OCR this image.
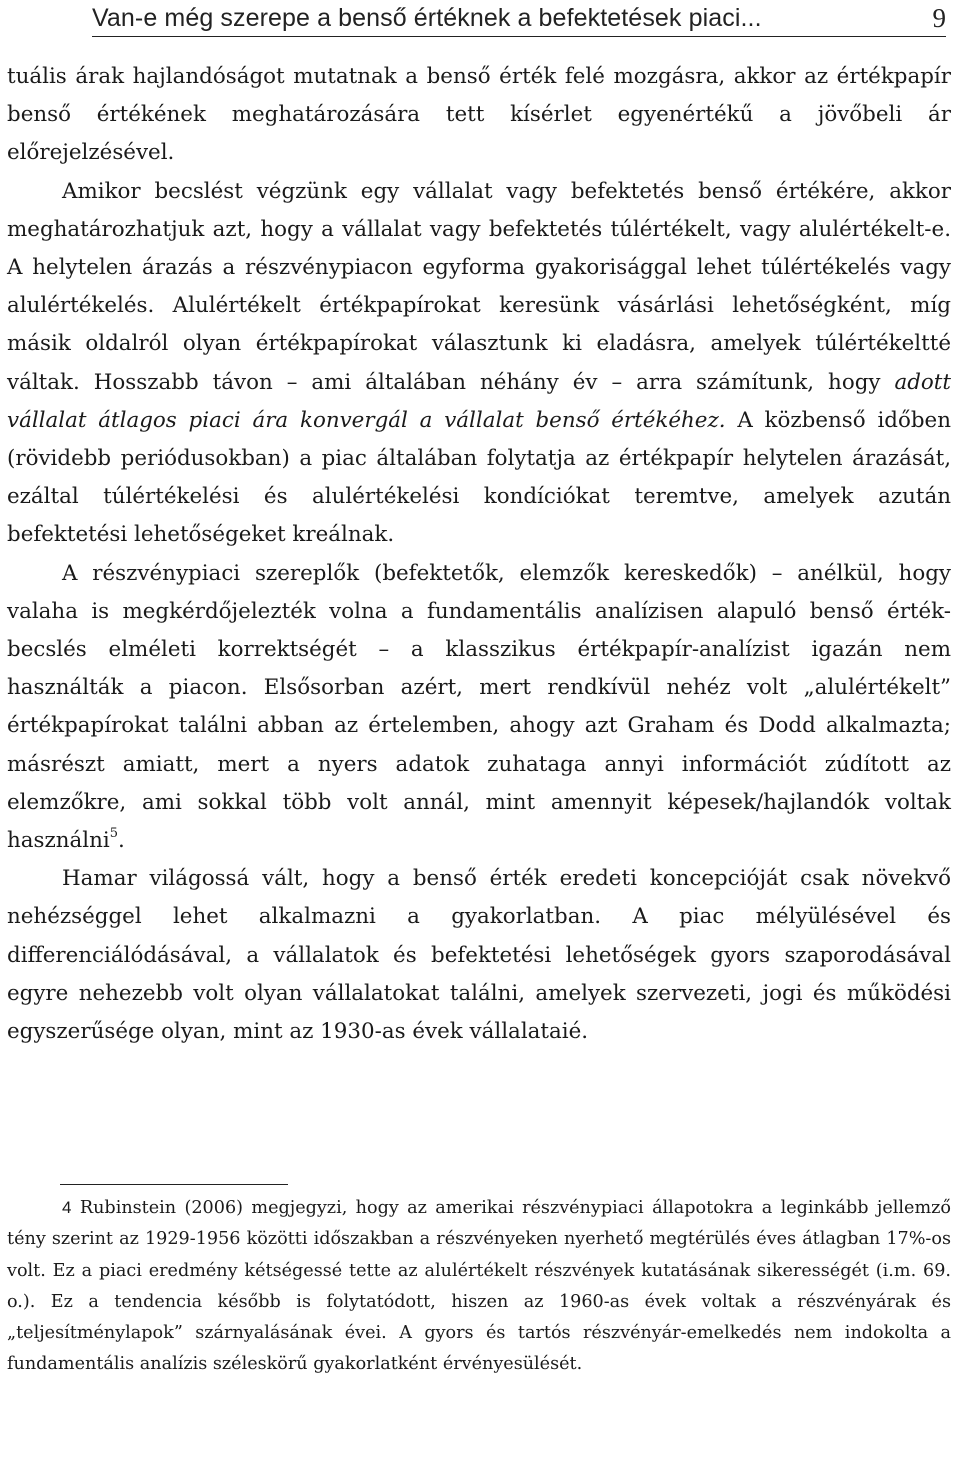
Van-e még szerepe a benső értéknek a befektetések piaci...	9

tuális árak hajlandóságot mutatnak a benső érték felé mozgásra, akkor az értékpapír benső értékének meghatározására tett kísérlet egyenértékű a jövőbeli ár előrejelzésével.

Amikor becslést végzünk egy vállalat vagy befektetés benső értékére, akkor meghatározhatjuk azt, hogy a vállalat vagy befektetés túlértékelt, vagy alulértékelt-e. A helytelen árazás a részvénypiacon egyforma gyakorisággal lehet túlértékelés vagy alulértékelés. Alulértékelt értékpapírokat keresünk vásárlási lehetőségként, míg másik oldalról olyan értékpapírokat választunk ki eladásra, amelyek túlértékeltté váltak. Hosszabb távon – ami általában néhány év – arra számítunk, hogy adott vállalat átlagos piaci ára konvergál a vállalat benső értékéhez. A közbenső időben (rövidebb periódusokban) a piac általában folytatja az értékpapír helytelen árazását, ezáltal túlértékelési és alulértékelési kondíciókat teremtve, amelyek azután befektetési lehetőségeket kreálnak.

A részvénypiaci szereplők (befektetők, elemzők kereskedők) – anélkül, hogy valaha is megkérdőjelezték volna a fundamentális analízisen alapuló benső érték-becslés elméleti korrektségét – a klasszikus értékpapír-analízist igazán nem használták a piacon. Elsősorban azért, mert rendkívül nehéz volt „alulértékelt” értékpapírokat találni abban az értelemben, ahogy azt Graham és Dodd alkalmazta; másrészt amiatt, mert a nyers adatok zuhataga annyi információt zúdított az elemzőkre, ami sokkal több volt annál, mint amennyit képesek/hajlandók voltak használni$^5$.

Hamar világossá vált, hogy a benső érték eredeti koncepcióját csak növekvő nehézséggel lehet alkalmazni a gyakorlatban. A piac mélyülésével és differenciálódásával, a vállalatok és befektetési lehetőségek gyors szaporodásával egyre nehezebb volt olyan vállalatokat találni, amelyek szervezeti, jogi és működési egyszerűsége olyan, mint az 1930-as évek vállalataié.

4 Rubinstein (2006) megjegyzi, hogy az amerikai részvénypiaci állapotokra a leginkább jellemző tény szerint az 1929-1956 közötti időszakban a részvényeken nyerhető megtérülés éves átlagban 17%-os volt. Ez a piaci eredmény kétségessé tette az alulértékelt részvények kutatásának sikerességét (i.m. 69. o.). Ez a tendencia később is folytatódott, hiszen az 1960-as évek voltak a részvényárak és „teljesítménylapok” szárnyalásának évei. A gyors és tartós részvényár-emelkedés nem indokolta a fundamentális analízis széleskörű gyakorlatként érvényesülését.
